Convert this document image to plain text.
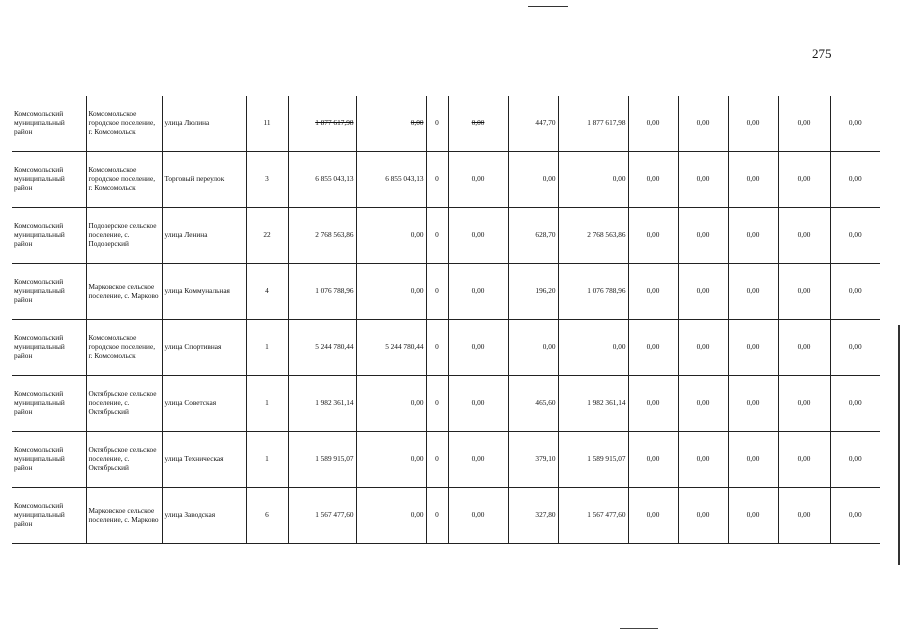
275
Комсомольский муниципальный район	Комсомольское городское поселение, г. Комсомольск	улица Люлина	11	1 877 617,98	0,00	0	0,00	447,70	1 877 617,98	0,00	0,00	0,00	0,00	0,00
Комсомольский муниципальный район	Комсомольское городское поселение, г. Комсомольск	Торговый переулок	3	6 855 043,13	6 855 043,13	0	0,00	0,00	0,00	0,00	0,00	0,00	0,00	0,00
Комсомольский муниципальный район	Подозерское сельское поселение, с. Подозерский	улица Ленина	22	2 768 563,86	0,00	0	0,00	628,70	2 768 563,86	0,00	0,00	0,00	0,00	0,00
Комсомольский муниципальный район	Марковское сельское поселение, с. Марково	улица Коммунальная	4	1 076 788,96	0,00	0	0,00	196,20	1 076 788,96	0,00	0,00	0,00	0,00	0,00
Комсомольский муниципальный район	Комсомольское городское поселение, г. Комсомольск	улица Спортивная	1	5 244 780,44	5 244 780,44	0	0,00	0,00	0,00	0,00	0,00	0,00	0,00	0,00
Комсомольский муниципальный район	Октябрьское сельское поселение, с. Октябрьский	улица Советская	1	1 982 361,14	0,00	0	0,00	465,60	1 982 361,14	0,00	0,00	0,00	0,00	0,00
Комсомольский муниципальный район	Октябрьское сельское поселение, с. Октябрьский	улица Техническая	1	1 589 915,07	0,00	0	0,00	379,10	1 589 915,07	0,00	0,00	0,00	0,00	0,00
Комсомольский муниципальный район	Марковское сельское поселение, с. Марково	улица Заводская	6	1 567 477,60	0,00	0	0,00	327,80	1 567 477,60	0,00	0,00	0,00	0,00	0,00
